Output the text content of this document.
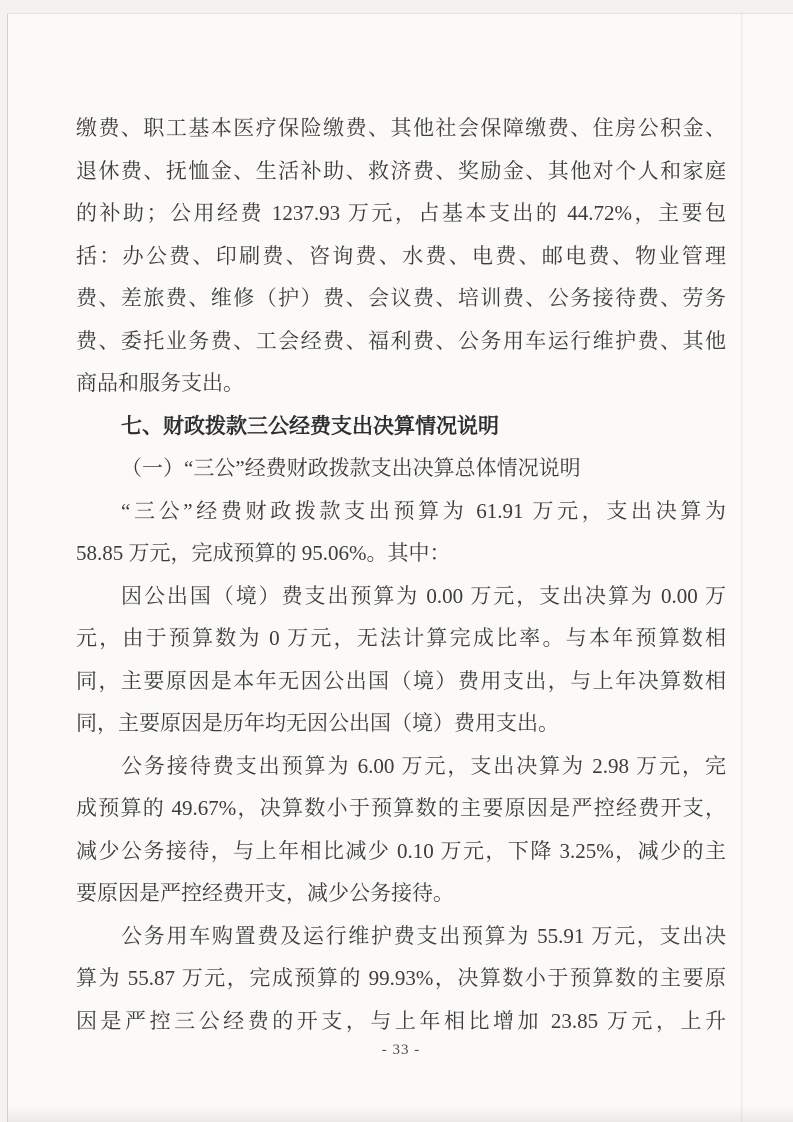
缴费、职工基本医疗保险缴费、其他社会保障缴费、住房公积金、
退休费、抚恤金、生活补助、救济费、奖励金、其他对个人和家庭
的补助；公用经费 1237.93 万元，占基本支出的 44.72%，主要包
括：办公费、印刷费、咨询费、水费、电费、邮电费、物业管理
费、差旅费、维修（护）费、会议费、培训费、公务接待费、劳务
费、委托业务费、工会经费、福利费、公务用车运行维护费、其他
商品和服务支出。
七、财政拨款三公经费支出决算情况说明
（一）“三公”经费财政拨款支出决算总体情况说明
“三公”经费财政拨款支出预算为 61.91 万元，支出决算为
58.85 万元，完成预算的 95.06%。其中：
因公出国（境）费支出预算为 0.00 万元，支出决算为 0.00 万
元，由于预算数为 0 万元，无法计算完成比率。与本年预算数相
同，主要原因是本年无因公出国（境）费用支出，与上年决算数相
同，主要原因是历年均无因公出国（境）费用支出。
公务接待费支出预算为 6.00 万元，支出决算为 2.98 万元，完
成预算的 49.67%，决算数小于预算数的主要原因是严控经费开支，
减少公务接待，与上年相比减少 0.10 万元，下降 3.25%，减少的主
要原因是严控经费开支，减少公务接待。
公务用车购置费及运行维护费支出预算为 55.91 万元，支出决
算为 55.87 万元，完成预算的 99.93%，决算数小于预算数的主要原
因是严控三公经费的开支，与上年相比增加 23.85 万元，上升
- 33 -
